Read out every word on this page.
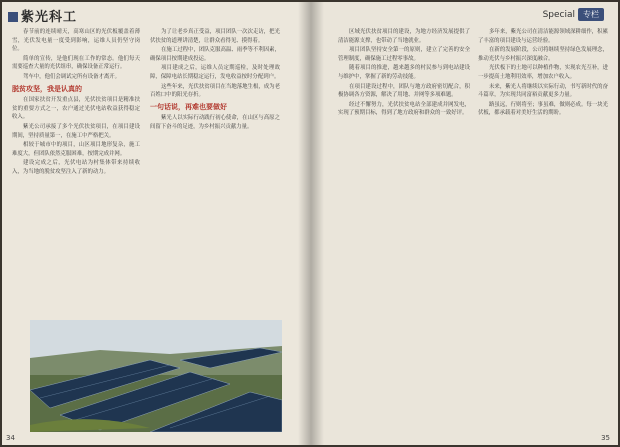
紫光科工

春节前的连续晴天，高寒山区的光伏板覆盖着薄雪，光伏发电量一度受到影响，运维人员仍坚守岗位。

简单的宣传，是他们现在工作的常态。他们每天需要巡查大量的光伏组串，确保设备正常运行。

驾车中，他们会调试完所有设备才离开。

脱贫攻坚，我是认真的

在国家扶贫开发重点县，光伏扶贫项目是精准扶贫的重要方式之一，农户通过光伏电站收益获得稳定收入。

紫光公司承接了多个光伏扶贫项目，在项目建设期间，坚持质量第一，在施工中严格把关。

相较于城市中的项目，山区项目地形复杂，施工难度大，但团队依然克服困难，按期完成并网。

建设完成之后，光伏电站为村集体带来持续收入，为当地的脱贫攻坚注入了新的动力。

为了让老乡真正受益，项目团队一次次走访，把光伏扶贫的道理讲清楚，让群众看得见、摸得着。

在施工过程中，团队克服高温、雨季等不利因素，确保项目按期建成投运。

项目建成之后，运维人员定期巡检，及时处理故障，保障电站长期稳定运行，发电收益按时分配到户。

这些年来，光伏扶贫项目在当地落地生根，成为老百姓口中的阳光存折。

一句话说，再难也要做好

紫光人以实际行动践行初心使命，在山区与高原之间留下奋斗的足迹，为乡村振兴贡献力量。

34
Special 专栏

区域光伏扶贫项目的建设，为地方经济发展提供了清洁能源支撑，也带动了当地就业。

项目团队坚持安全第一的原则，建立了完善的安全管理制度，确保施工过程零事故。

随着项目的推进，越来越多的村民参与到电站建设与维护中，掌握了新的劳动技能。

在项目建设过程中，团队与地方政府密切配合，积极协调各方资源，解决了用地、并网等多项难题。

经过不懈努力，光伏扶贫电站全部建成并网发电，实现了预期目标，得到了地方政府和群众的一致好评。

多年来，紫光公司在清洁能源领域深耕细作，积累了丰富的项目建设与运营经验。

在新的发展阶段，公司将继续坚持绿色发展理念，推动光伏与乡村振兴深度融合。

光伏板下的土地可以种植作物，实现农光互补，进一步提高土地利用效率，增加农户收入。

未来，紫光人将继续以实际行动，书写新时代的奋斗篇章，为实现共同富裕贡献更多力量。

路虽远，行则将至；事虽难，做则必成。每一块光伏板，都承载着对美好生活的期盼。

35
